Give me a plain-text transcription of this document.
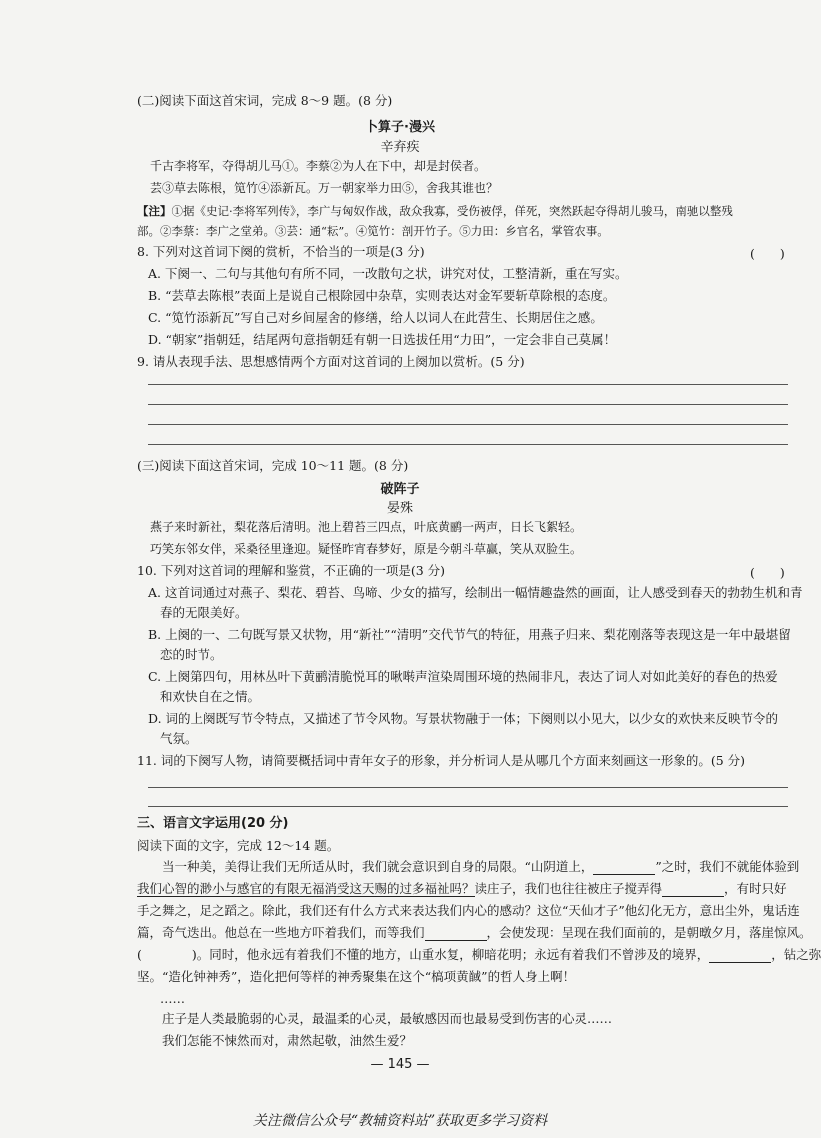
(二)阅读下面这首宋词，完成 8～9 题。(8 分)
卜算子·漫兴
辛弃疾
千古李将军，夺得胡儿马①。李蔡②为人在下中，却是封侯者。
芸③草去陈根，笕竹④添新瓦。万一朝家举力田⑤，舍我其谁也？
【注】①据《史记·李将军列传》，李广与匈奴作战，敌众我寡，受伤被俘，佯死，突然跃起夺得胡儿骏马，南驰以整残
部。②李蔡：李广之堂弟。③芸：通“耘”。④笕竹：剖开竹子。⑤力田：乡官名，掌管农事。
8. 下列对这首词下阕的赏析，不恰当的一项是(3 分)	(　　)
A. 下阕一、二句与其他句有所不同，一改散句之状，讲究对仗，工整清新，重在写实。
B. “芸草去陈根”表面上是说自己根除园中杂草，实则表达对金军要斩草除根的态度。
C. “笕竹添新瓦”写自己对乡间屋舍的修缮，给人以词人在此营生、长期居住之感。
D. “朝家”指朝廷，结尾两句意指朝廷有朝一日选拔任用“力田”，一定会非自己莫属！
9. 请从表现手法、思想感情两个方面对这首词的上阕加以赏析。(5 分)
(三)阅读下面这首宋词，完成 10～11 题。(8 分)
破阵子
晏殊
燕子来时新社，梨花落后清明。池上碧苔三四点，叶底黄鹂一两声，日长飞絮轻。
巧笑东邻女伴，采桑径里逢迎。疑怪昨宵春梦好，原是今朝斗草赢，笑从双脸生。
10. 下列对这首词的理解和鉴赏，不正确的一项是(3 分)	(　　)
A. 这首词通过对燕子、梨花、碧苔、鸟啼、少女的描写，绘制出一幅情趣盎然的画面，让人感受到春天的勃勃生机和青
春的无限美好。
B. 上阕的一、二句既写景又状物，用“新社”“清明”交代节气的特征，用燕子归来、梨花刚落等表现这是一年中最堪留
恋的时节。
C. 上阕第四句，用林丛叶下黄鹂清脆悦耳的啾啭声渲染周围环境的热闹非凡，表达了词人对如此美好的春色的热爱
和欢快自在之情。
D. 词的上阕既写节令特点，又描述了节令风物。写景状物融于一体；下阕则以小见大，以少女的欢快来反映节令的
气氛。
11. 词的下阕写人物，请简要概括词中青年女子的形象，并分析词人是从哪几个方面来刻画这一形象的。(5 分)
三、语言文字运用(20 分)
阅读下面的文字，完成 12～14 题。
　　当一种美，美得让我们无所适从时，我们就会意识到自身的局限。“山阴道上，	”之时，我们不就能体验到
我们心智的渺小与感官的有限无福消受这天赐的过多福祉吗？读庄子，我们也往往被庄子搅弄得	，有时只好
手之舞之，足之蹈之。除此，我们还有什么方式来表达我们内心的感动？这位“天仙才子”他幻化无方，意出尘外，鬼话连
篇，奇气迭出。他总在一些地方吓着我们，而等我们	，会使发现：呈现在我们面前的，是朝暾夕月，落崖惊风。
(　　　　)。同时，他永远有着我们不懂的地方，山重水复，柳暗花明；永远有着我们不曾涉及的境界，	，钻之弥
坚。“造化钟神秀”，造化把何等样的神秀聚集在这个“槁项黄馘”的哲人身上啊！
……
　　庄子是人类最脆弱的心灵，最温柔的心灵，最敏感因而也最易受到伤害的心灵……
　　我们怎能不悚然而对，肃然起敬，油然生爱？
— 145 —
关注微信公众号“教辅资料站”获取更多学习资料
